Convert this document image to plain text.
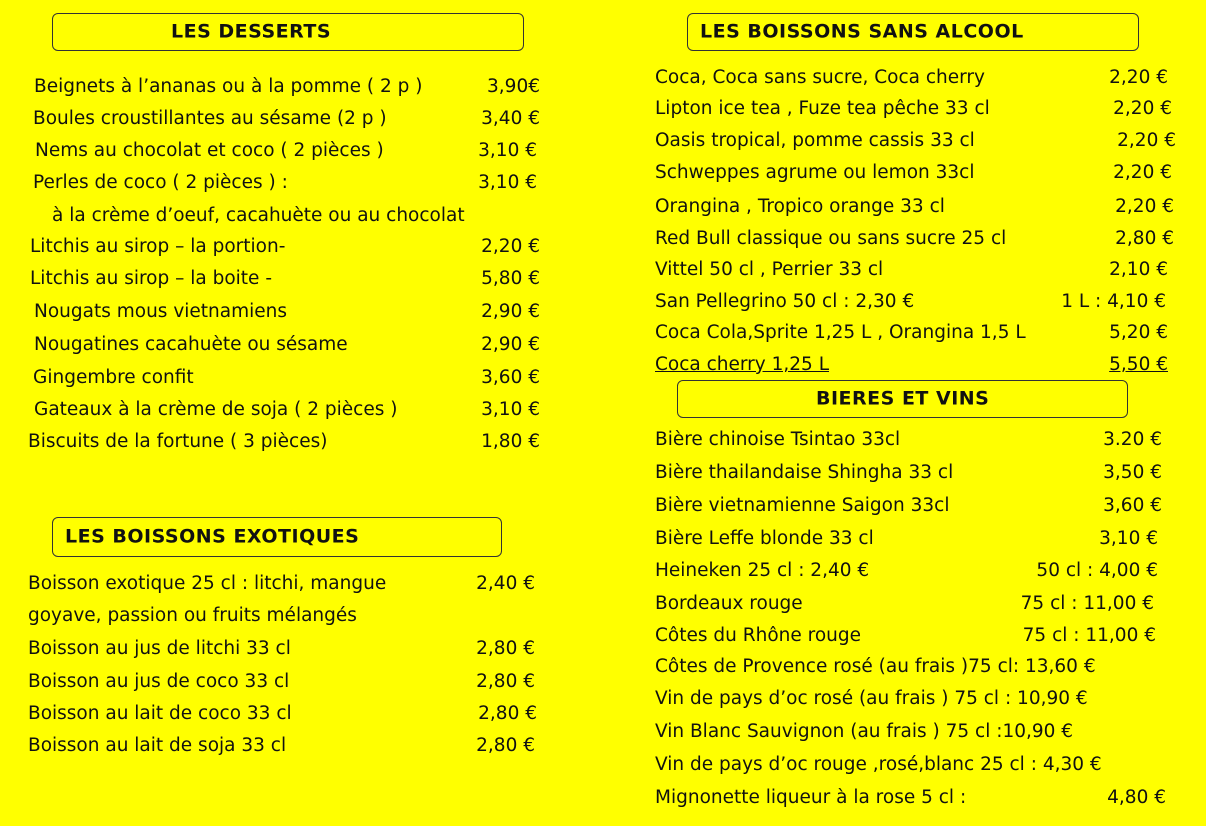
LES DESSERTS	LES BOISSONS SANS ALCOOL
LES BOISSONS EXOTIQUES
BIERES ET VINS
Beignets à l’ananas ou à la pomme ( 2 p )	3,90€
Boules croustillantes au sésame (2 p )	3,40 €
Nems au chocolat et coco ( 2 pièces )	3,10 €
Perles de coco ( 2 pièces ) :	3,10 €
à la crème d’oeuf, cacahuète ou au chocolat
Litchis au sirop – la portion-	2,20 €
Litchis au sirop – la boite -	5,80 €
Nougats mous vietnamiens	2,90 €
Nougatines cacahuète ou sésame	2,90 €
Gingembre confit	3,60 €
Gateaux à la crème de soja ( 2 pièces )	3,10 €
Biscuits de la fortune ( 3 pièces)	1,80 €
Boisson exotique 25 cl : litchi, mangue	2,40 €
goyave, passion ou fruits mélangés
Boisson au jus de litchi 33 cl	2,80 €
Boisson au jus de coco 33 cl	2,80 €
Boisson au lait de coco 33 cl	2,80 €
Boisson au lait de soja 33 cl	2,80 €
Coca, Coca sans sucre, Coca cherry	2,20 €
Lipton ice tea , Fuze tea pêche 33 cl	2,20 €
Oasis tropical, pomme cassis 33 cl	2,20 €
Schweppes agrume ou lemon 33cl	2,20 €
Orangina , Tropico orange 33 cl	2,20 €
Red Bull classique ou sans sucre 25 cl	2,80 €
Vittel 50 cl , Perrier 33 cl	2,10 €
San Pellegrino 50 cl : 2,30 €	1 L : 4,10 €
Coca Cola,Sprite 1,25 L , Orangina 1,5 L	5,20 €
Coca cherry 1,25 L	5,50 €
Bière chinoise Tsintao 33cl	3.20 €
Bière thailandaise Shingha 33 cl	3,50 €
Bière vietnamienne Saigon 33cl	3,60 €
Bière Leffe blonde 33 cl	3,10 €
Heineken 25 cl : 2,40 €	50 cl : 4,00 €
Bordeaux rouge	75 cl : 11,00 €
Côtes du Rhône rouge	75 cl : 11,00 €
Côtes de Provence rosé (au frais )75 cl: 13,60 €
Vin de pays d’oc rosé (au frais ) 75 cl : 10,90 €
Vin Blanc Sauvignon (au frais ) 75 cl :10,90 €
Vin de pays d’oc rouge ,rosé,blanc 25 cl : 4,30 €
Mignonette liqueur à la rose 5 cl :	4,80 €
